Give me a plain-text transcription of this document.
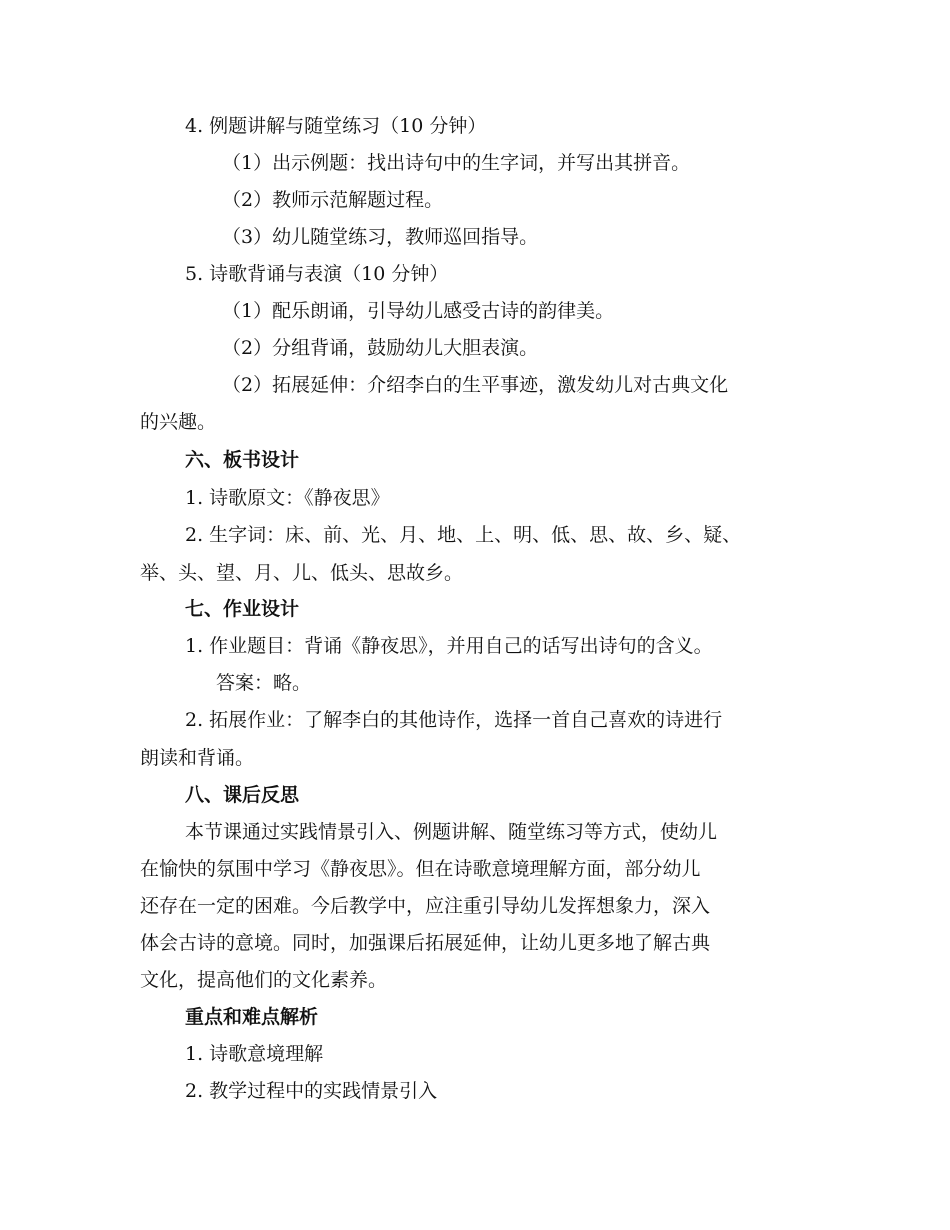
4. 例题讲解与随堂练习（10 分钟）
（1）出示例题：找出诗句中的生字词，并写出其拼音。
（2）教师示范解题过程。
（3）幼儿随堂练习，教师巡回指导。
5. 诗歌背诵与表演（10 分钟）
（1）配乐朗诵，引导幼儿感受古诗的韵律美。
（2）分组背诵，鼓励幼儿大胆表演。
（2）拓展延伸：介绍李白的生平事迹，激发幼儿对古典文化
的兴趣。
六、板书设计
1. 诗歌原文：《静夜思》
2. 生字词：床、前、光、月、地、上、明、低、思、故、乡、疑、
举、头、望、月、儿、低头、思故乡。
七、作业设计
1. 作业题目：背诵《静夜思》，并用自己的话写出诗句的含义。
答案：略。
2. 拓展作业：了解李白的其他诗作，选择一首自己喜欢的诗进行
朗读和背诵。
八、课后反思
本节课通过实践情景引入、例题讲解、随堂练习等方式，使幼儿
在愉快的氛围中学习《静夜思》。但在诗歌意境理解方面，部分幼儿
还存在一定的困难。今后教学中，应注重引导幼儿发挥想象力，深入
体会古诗的意境。同时，加强课后拓展延伸，让幼儿更多地了解古典
文化，提高他们的文化素养。
重点和难点解析
1. 诗歌意境理解
2. 教学过程中的实践情景引入
